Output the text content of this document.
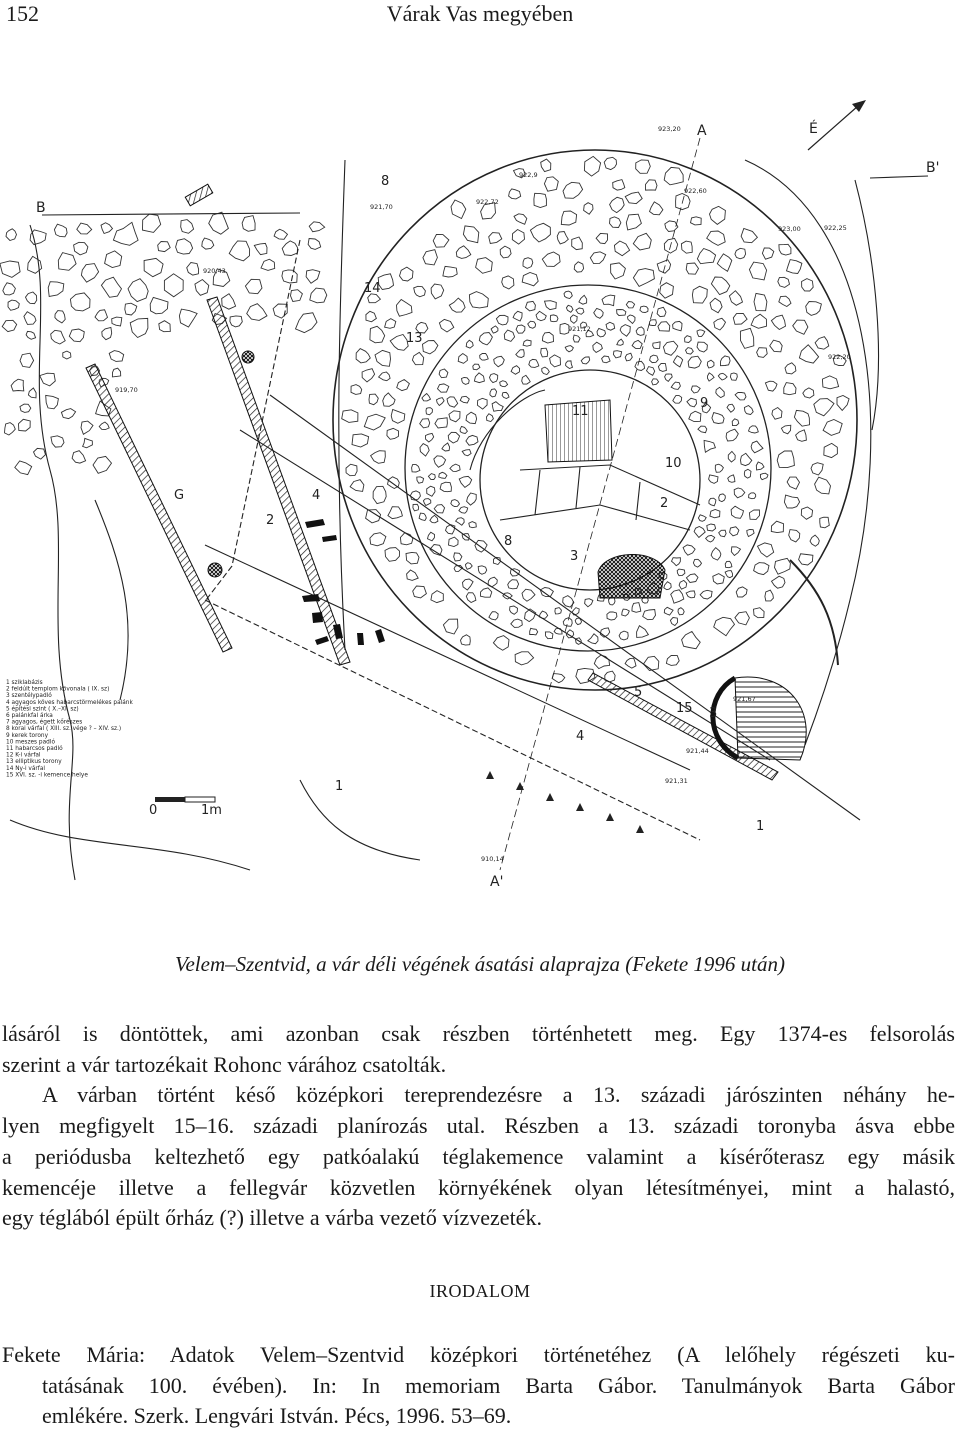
152	Várak Vas megyében
0	1m
A
A'
B
B'
É
8
14
13
11
10
9
2
8
3
4
2
G
1
5
15 3
4
1
923,20
922,9
922,72
922,60
923,00	922,25
922,20
921,70
920,43
919,70
921,31
921,44
910,14
921,67
921,12
1 sziklabázis
2 feldúlt templom kövonala ( IX. sz)
3 szentélypadló
4 agyagos köves habarcstörmelékes palánk
5 építési szint ( X.–XI. sz)
6 palánkfal árka
7 agyagos, égett kőrészes
8 korai várfal ( XIII. sz. vége ? – XIV. sz.)
9 kerek torony
10 meszes padló
11 habarcsos padló
12 K-i várfal
13 elliptikus torony
14 Ny-i várfal
15 XVI. sz. -i kemence helye
Velem–Szentvid, a vár déli végének ásatási alaprajza (Fekete 1996 után)
lásáról is döntöttek, ami azonban csak részben történhetett meg. Egy 1374-es felsorolás
szerint a vár tartozékait Rohonc várához csatolták.
A várban történt késő középkori tereprendezésre a 13. századi járószinten néhány he-
lyen megfigyelt 15–16. századi planírozás utal. Részben a 13. századi toronyba ásva ebbe
a periódusba keltezhető egy patkóalakú téglakemence valamint a kísérőterasz egy másik
kemencéje illetve a fellegvár közvetlen környékének olyan létesítményei, mint a halastó,
egy téglából épült őrház (?) illetve a várba vezető vízvezeték.
IRODALOM
Fekete Mária: Adatok Velem–Szentvid középkori történetéhez (A lelőhely régészeti ku-
tatásának 100. évében). In: In memoriam Barta Gábor. Tanulmányok Barta Gábor
emlékére. Szerk. Lengvári István. Pécs, 1996. 53–69.
